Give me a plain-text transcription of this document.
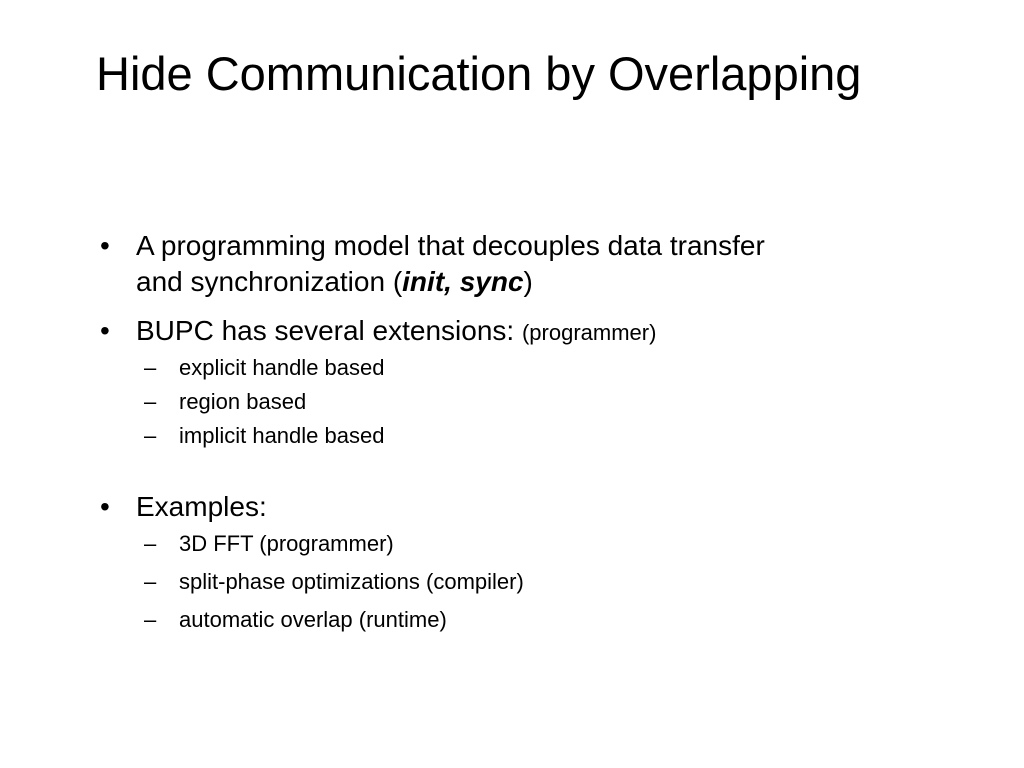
Hide Communication by Overlapping
• A programming model that decouples data transfer
and synchronization (init, sync)
• BUPC has several extensions: (programmer)
– explicit handle based
– region based
– implicit handle based
• Examples:
– 3D FFT (programmer)
– split-phase optimizations (compiler)
– automatic overlap (runtime)
